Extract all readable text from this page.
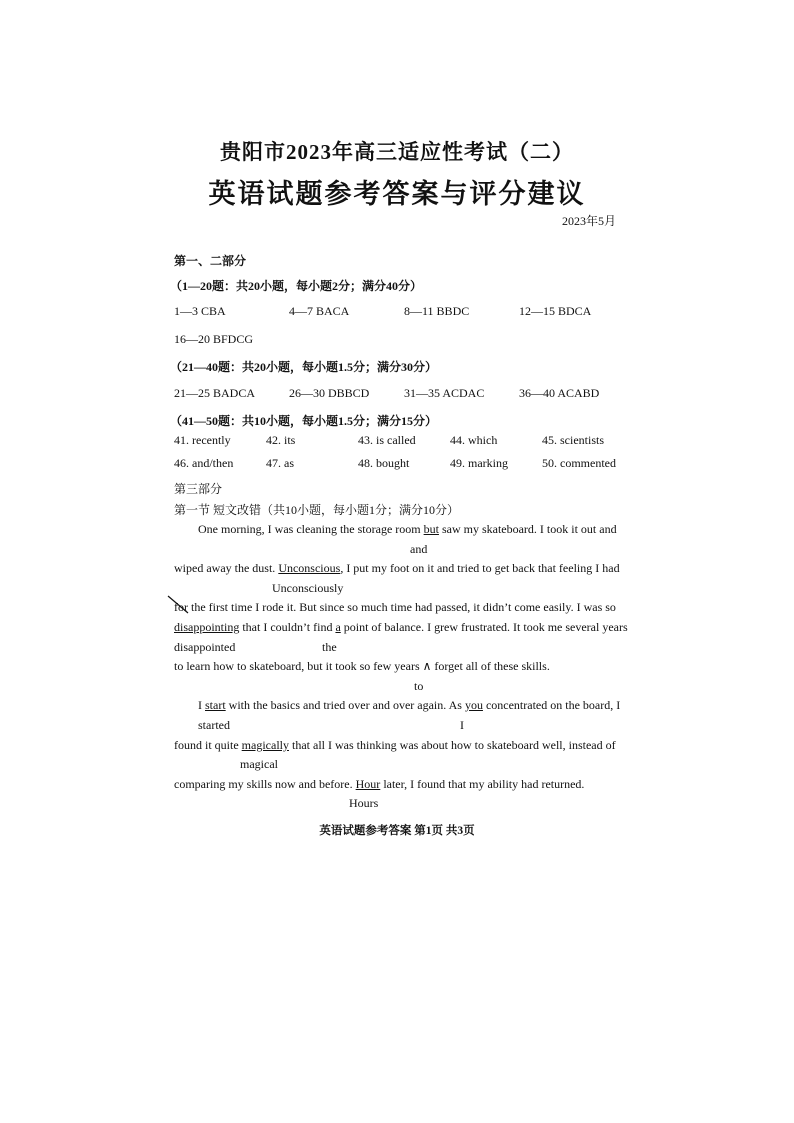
贵阳市2023年高三适应性考试（二）
英语试题参考答案与评分建议
2023年5月
第一、二部分
（1—20题：共20小题，每小题2分；满分40分）
1—3 CBA	4—7 BACA	8—11 BBDC	12—15 BDCA
16—20 BFDCG
（21—40题：共20小题，每小题1.5分；满分30分）
21—25 BADCA	26—30 DBBCD	31—35 ACDAC	36—40 ACABD
（41—50题：共10小题，每小题1.5分；满分15分）
41. recently	42. its	43. is called	44. which	45. scientists
46. and/then	47. as	48. bought	49. marking	50. commented
第三部分
第一节 短文改错（共10小题，每小题1分；满分10分）
One morning, I was cleaning the storage room but saw my skateboard. I took it out and
and
wiped away the dust. Unconscious, I put my foot on it and tried to get back that feeling I had
Unconsciously
for the first time I rode it. But since so much time had passed, it didn’t come easily. I was so
disappointing that I couldn’t find a point of balance. I grew frustrated. It took me several years
disappointed	the
to learn how to skateboard, but it took so few years ∧ forget all of these skills.
to
I start with the basics and tried over and over again. As you concentrated on the board, I
started	I
found it quite magically that all I was thinking was about how to skateboard well, instead of
magical
comparing my skills now and before. Hour later, I found that my ability had returned.
Hours
英语试题参考答案 第1页 共3页
